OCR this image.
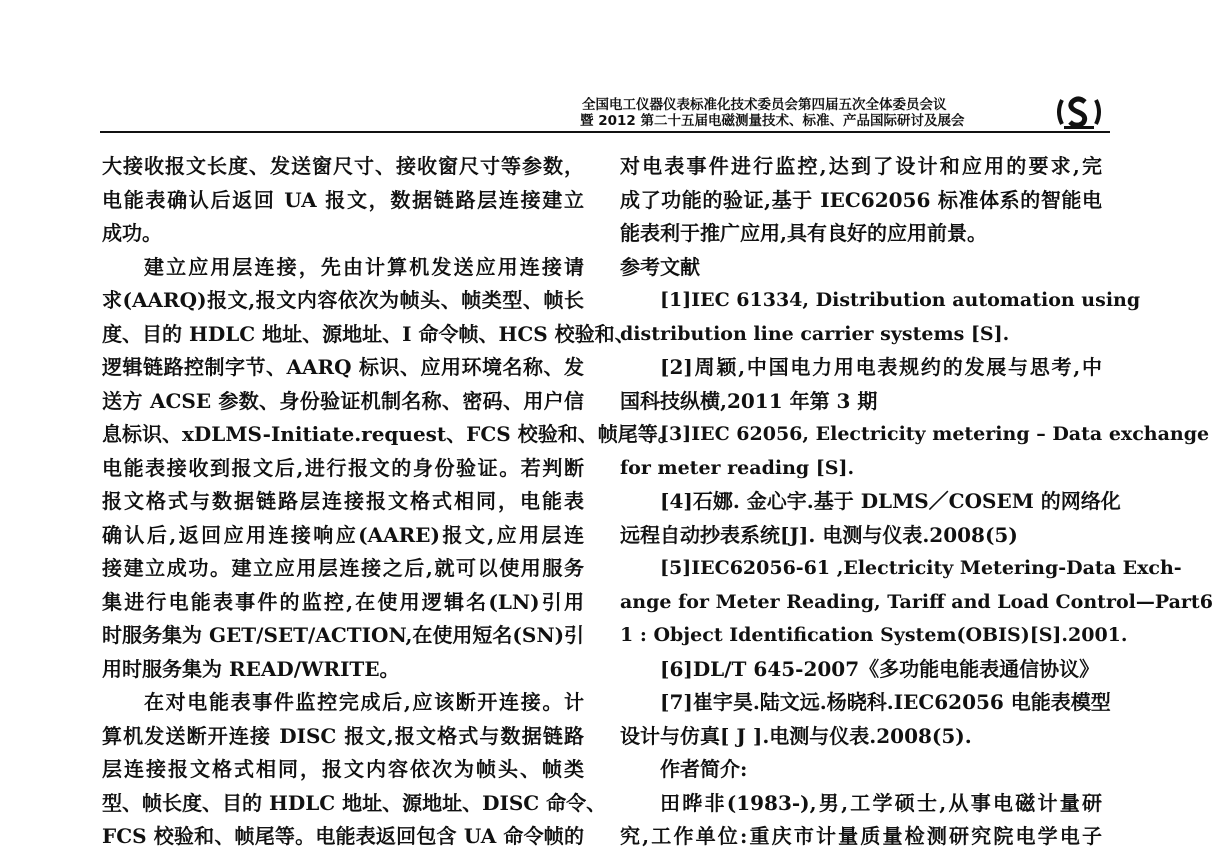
全国电工仪器仪表标准化技术委员会第四届五次全体委员会议
暨 2012 第二十五届电磁测量技术、标准、产品国际研讨及展会

大接收报文长度、发送窗尺寸、接收窗尺寸等参数，

电能表确认后返回 UA 报文，数据链路层连接建立

成功。

建立应用层连接，先由计算机发送应用连接请

求(AARQ)报文,报文内容依次为帧头、帧类型、帧长

度、目的 HDLC 地址、源地址、I 命令帧、HCS 校验和、

逻辑链路控制字节、AARQ 标识、应用环境名称、发

送方 ACSE 参数、身份验证机制名称、密码、用户信

息标识、xDLMS-Initiate.request、FCS 校验和、帧尾等。

电能表接收到报文后,进行报文的身份验证。若判断

报文格式与数据链路层连接报文格式相同，电能表

确认后,返回应用连接响应(AARE)报文,应用层连

接建立成功。建立应用层连接之后,就可以使用服务

集进行电能表事件的监控,在使用逻辑名(LN)引用

时服务集为 GET/SET/ACTION,在使用短名(SN)引

用时服务集为 READ/WRITE。

在对电能表事件监控完成后,应该断开连接。计

算机发送断开连接 DISC 报文,报文格式与数据链路

层连接报文格式相同，报文内容依次为帧头、帧类

型、帧长度、目的 HDLC 地址、源地址、DISC 命令、

FCS 校验和、帧尾等。电能表返回包含 UA 命令帧的

对电表事件进行监控,达到了设计和应用的要求,完

成了功能的验证,基于 IEC62056 标准体系的智能电

能表利于推广应用,具有良好的应用前景。

参考文献

[1]IEC 61334, Distribution automation using

distribution line carrier systems [S].

[2]周颖,中国电力用电表规约的发展与思考,中

国科技纵横,2011 年第 3 期

[3]IEC 62056, Electricity metering – Data exchange

for meter reading [S].

[4]石娜. 金心宇.基于 DLMS／COSEM 的网络化

远程自动抄表系统[J]. 电测与仪表.2008(5)

[5]IEC62056-61 ,Electricity Metering-Data Exch-

ange for Meter Reading, Tariff and Load Control—Part6

1 : Object Identification System(OBIS)[S].2001.

[6]DL/T 645-2007《多功能电能表通信协议》

[7]崔宇昊.陆文远.杨晓科.IEC62056 电能表模型

设计与仿真[ J ].电测与仪表.2008(5).

作者简介:

田晔非(1983-),男,工学硕士,从事电磁计量研

究,工作单位:重庆市计量质量检测研究院电学电子
